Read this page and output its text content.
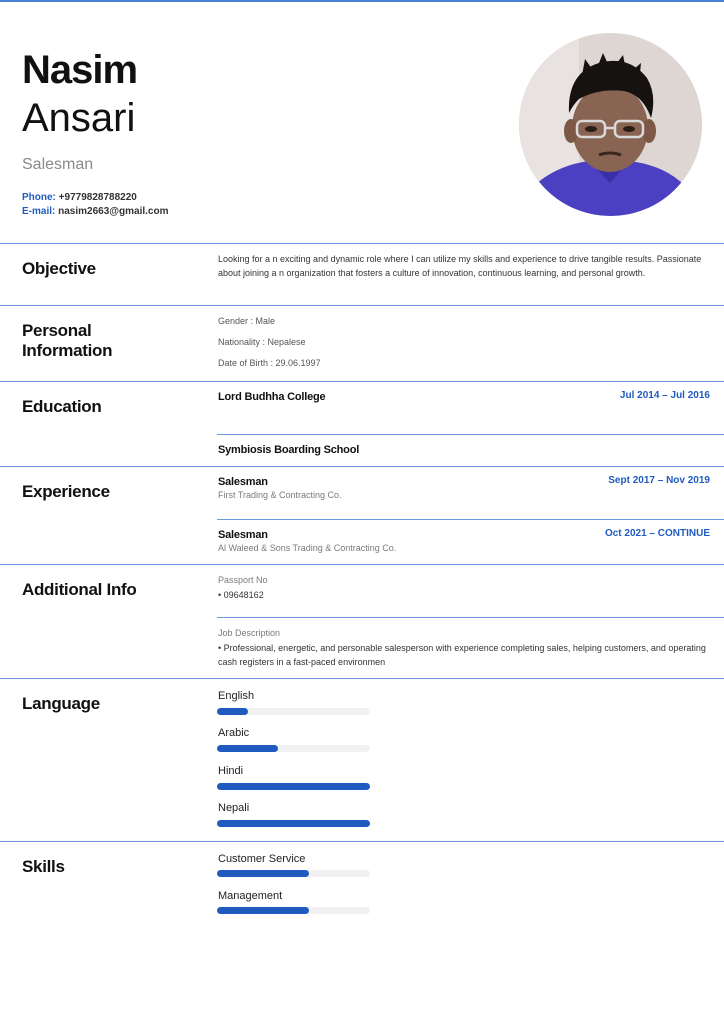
Nasim
Ansari
Salesman
Phone: +9779828788220
E-mail: nasim2663@gmail.com
Objective	Looking for a n exciting and dynamic role where I can utilize my skills and experience to drive tangible results. Passionate about joining a n organization that fosters a culture of innovation, continuous learning, and personal growth.
Personal
Information
Gender : Male
Nationality : Nepalese
Date of Birth : 29.06.1997
Education	Lord Budhha College	Jul 2014 – Jul 2016
Symbiosis Boarding School
Experience	Salesman	Sept 2017 – Nov 2019
First Trading & Contracting Co.
Salesman	Oct 2021 – CONTINUE
Al Waleed & Sons Trading & Contracting Co.
Additional Info	Passport No
• 09648162
Job Description
• Professional, energetic, and personable salesperson with experience completing sales, helping customers, and operating cash registers in a fast-paced environmen
Language	English
Arabic
Hindi
Nepali
Skills	Customer Service
Management
